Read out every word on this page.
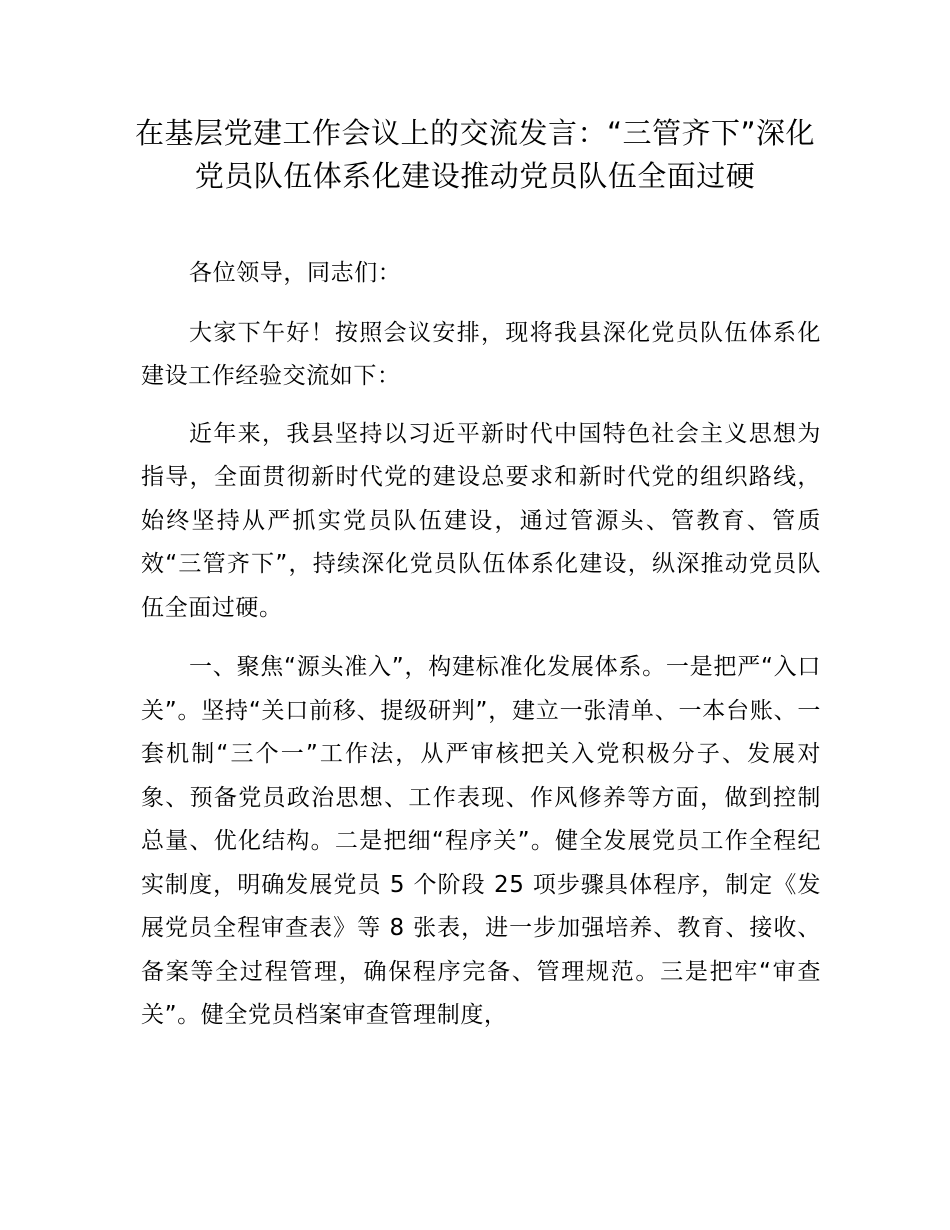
在基层党建工作会议上的交流发言：“三管齐下”深化党员队伍体系化建设推动党员队伍全面过硬

各位领导，同志们：

大家下午好！按照会议安排，现将我县深化党员队伍体系化建设工作经验交流如下：

近年来，我县坚持以习近平新时代中国特色社会主义思想为指导，全面贯彻新时代党的建设总要求和新时代党的组织路线，始终坚持从严抓实党员队伍建设，通过管源头、管教育、管质效“三管齐下”，持续深化党员队伍体系化建设，纵深推动党员队伍全面过硬。

一、聚焦“源头准入”，构建标准化发展体系。一是把严“入口关”。坚持“关口前移、提级研判”，建立一张清单、一本台账、一套机制“三个一”工作法，从严审核把关入党积极分子、发展对象、预备党员政治思想、工作表现、作风修养等方面，做到控制总量、优化结构。二是把细“程序关”。健全发展党员工作全程纪实制度，明确发展党员 5 个阶段 25 项步骤具体程序，制定《发展党员全程审查表》等 8 张表，进一步加强培养、教育、接收、备案等全过程管理，确保程序完备、管理规范。三是把牢“审查关”。健全党员档案审查管理制度，
